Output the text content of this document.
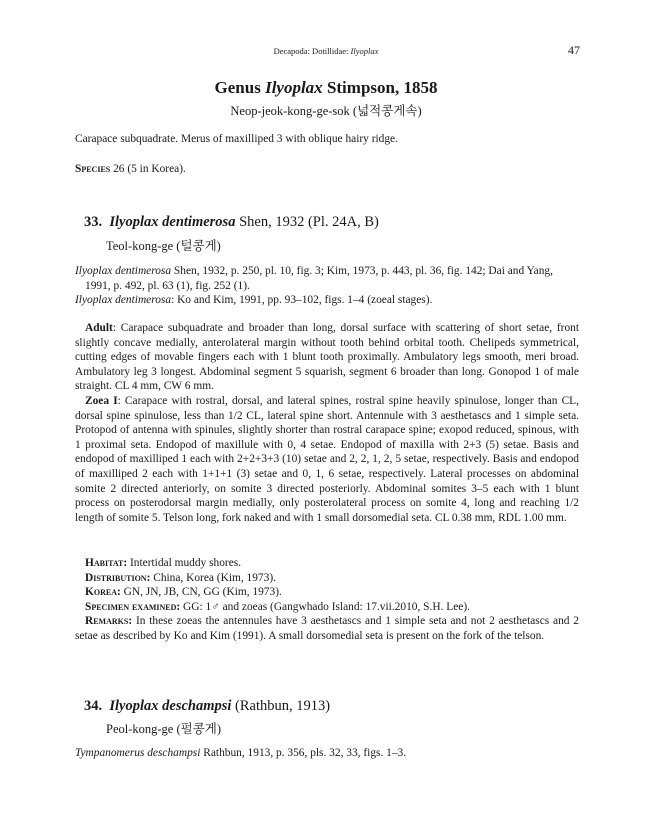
Decapoda: Dotillidae: Ilyoplax	47
Genus Ilyoplax Stimpson, 1858
Neop-jeok-kong-ge-sok (넓적콩게속)
Carapace subquadrate. Merus of maxilliped 3 with oblique hairy ridge.
Species 26 (5 in Korea).
33. Ilyoplax dentimerosa Shen, 1932 (Pl. 24A, B)
Teol-kong-ge (털콩게)

Ilyoplax dentimerosa Shen, 1932, p. 250, pl. 10, fig. 3; Kim, 1973, p. 443, pl. 36, fig. 142; Dai and Yang, 1991, p. 492, pl. 63 (1), fig. 252 (1).

Ilyoplax dentimerosa: Ko and Kim, 1991, pp. 93–102, figs. 1–4 (zoeal stages).

Adult: Carapace subquadrate and broader than long, dorsal surface with scattering of short setae, front slightly concave medially, anterolateral margin without tooth behind orbital tooth. Chelipeds symmetrical, cutting edges of movable fingers each with 1 blunt tooth proximally. Ambulatory legs smooth, meri broad. Ambulatory leg 3 longest. Abdominal segment 5 squarish, segment 6 broader than long. Gonopod 1 of male straight. CL 4 mm, CW 6 mm.
Zoea I: Carapace with rostral, dorsal, and lateral spines, rostral spine heavily spinulose, longer than CL, dorsal spine spinulose, less than 1/2 CL, lateral spine short. Antennule with 3 aesthetascs and 1 simple seta. Protopod of antenna with spinules, slightly shorter than rostral carapace spine; exopod reduced, spinous, with 1 proximal seta. Endopod of maxillule with 0, 4 setae. Endopod of maxilla with 2+3 (5) setae. Basis and endopod of maxilliped 1 each with 2+2+3+3 (10) setae and 2, 2, 1, 2, 5 setae, respectively. Basis and endopod of maxilliped 2 each with 1+1+1 (3) setae and 0, 1, 6 setae, respectively. Lateral processes on abdominal somite 2 directed anteriorly, on somite 3 directed posteriorly. Abdominal somites 3–5 each with 1 blunt process on posterodorsal margin medially, only posterolateral process on somite 4, long and reaching 1/2 length of somite 5. Telson long, fork naked and with 1 small dorsomedial seta. CL 0.38 mm, RDL 1.00 mm.

Habitat: Intertidal muddy shores.

Distribution: China, Korea (Kim, 1973).

Korea: GN, JN, JB, CN, GG (Kim, 1973).

Specimen examined: GG: 1♂ and zoeas (Gangwhado Island: 17.vii.2010, S.H. Lee).

Remarks: In these zoeas the antennules have 3 aesthetascs and 1 simple seta and not 2 aesthetascs and 2 setae as described by Ko and Kim (1991). A small dorsomedial seta is present on the fork of the telson.

34. Ilyoplax deschampsi (Rathbun, 1913)
Peol-kong-ge (펄콩게)

Tympanomerus deschampsi Rathbun, 1913, p. 356, pls. 32, 33, figs. 1–3.
